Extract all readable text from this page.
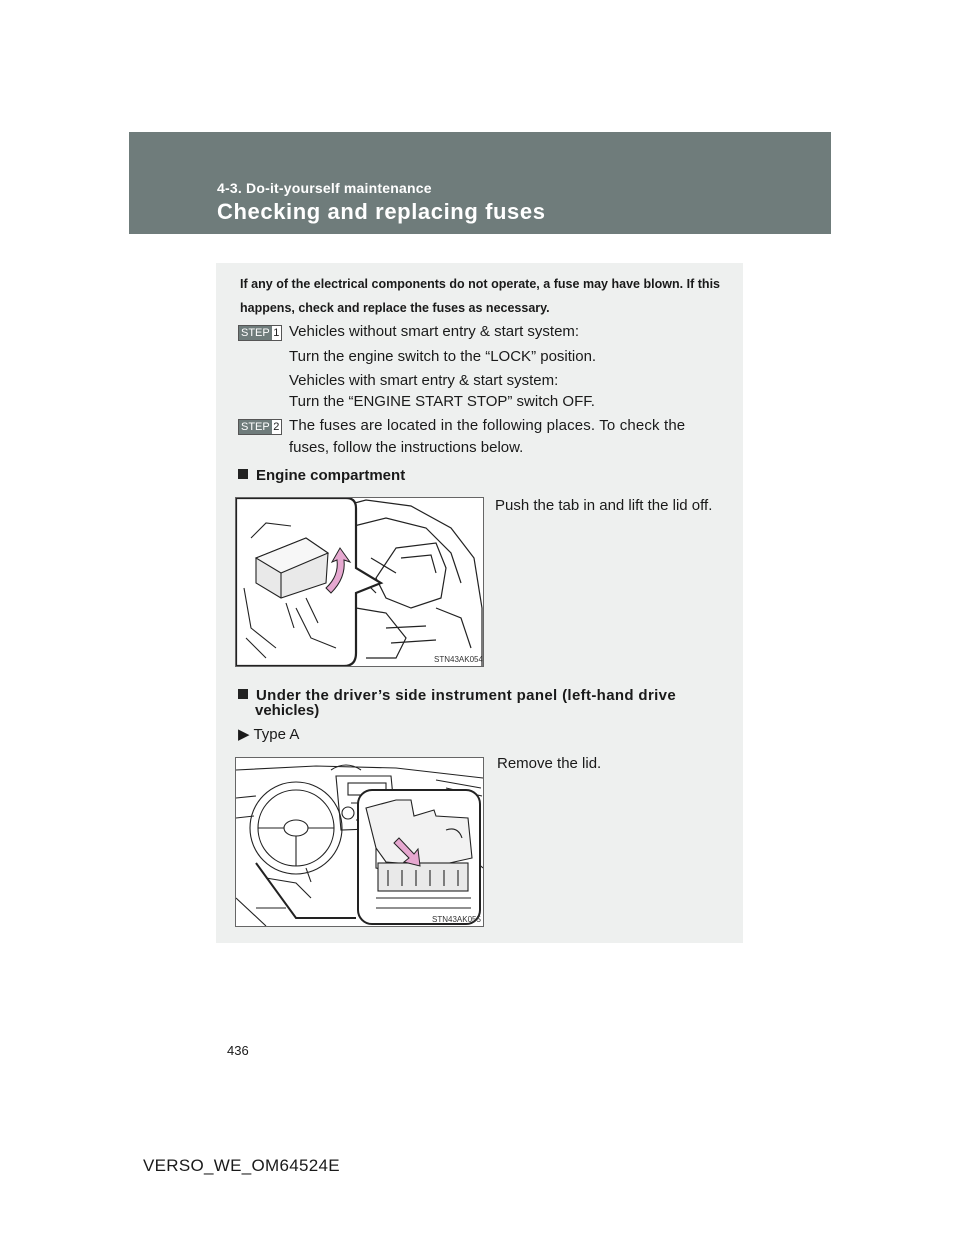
4-3. Do-it-yourself maintenance
Checking and replacing fuses
If any of the electrical components do not operate, a fuse may have blown. If this happens, check and replace the fuses as necessary.
STEP 1 Vehicles without smart entry & start system:
Turn the engine switch to the “LOCK” position.
Vehicles with smart entry & start system:
Turn the “ENGINE START STOP” switch OFF.
STEP 2 The fuses are located in the following places. To check the
fuses, follow the instructions below.
Engine compartment
Push the tab in and lift the lid off.
STN43AK054
Under the driver’s side instrument panel (left-hand drive
vehicles)
▶ Type A
Remove the lid.
STN43AK055
436
VERSO_WE_OM64524E
